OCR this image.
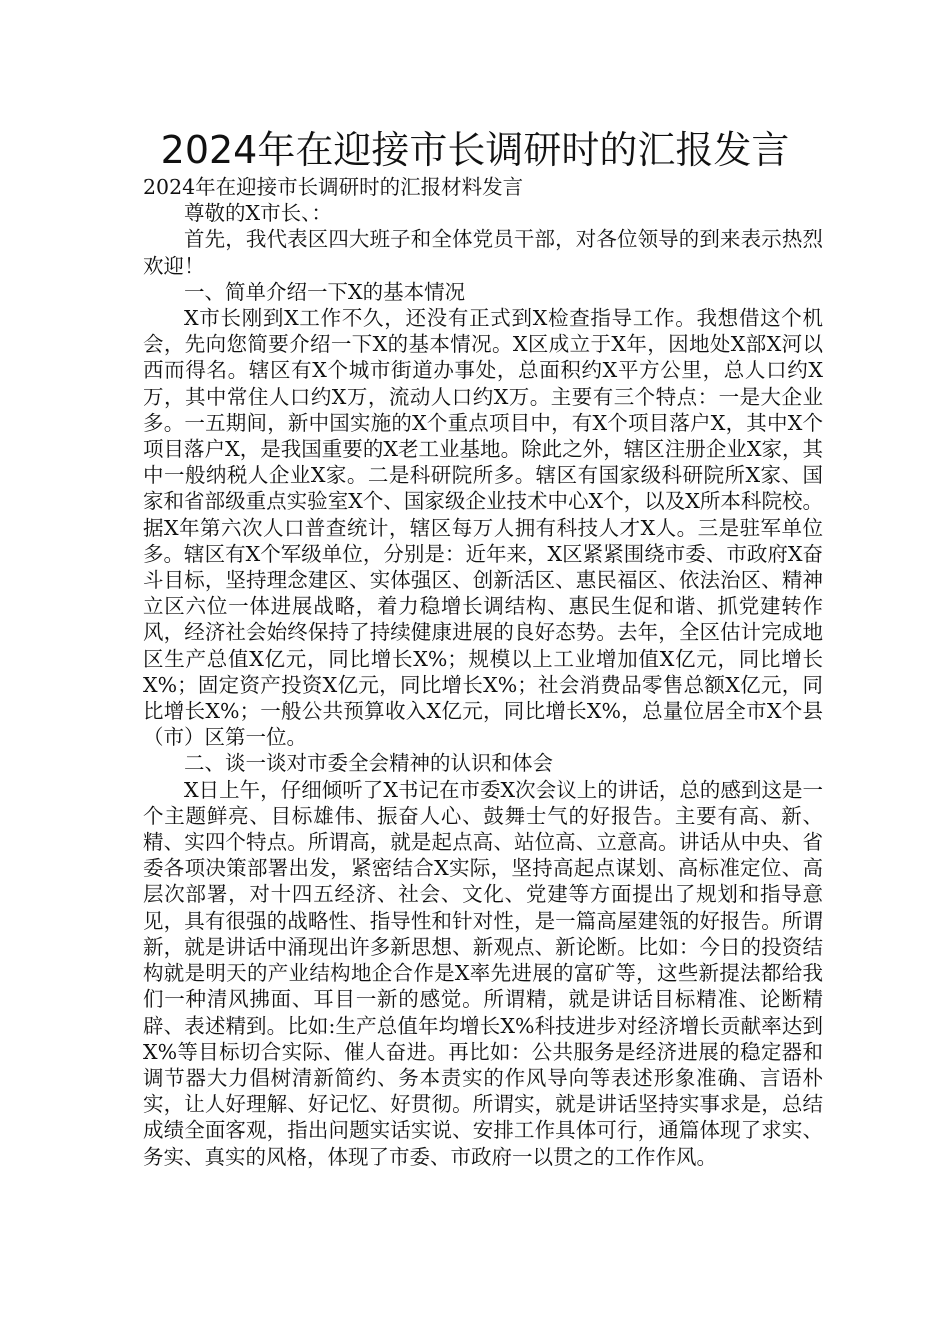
2024年在迎接市长调研时的汇报发言

2024年在迎接市长调研时的汇报材料发言

尊敬的X市长、：

首先，我代表区四大班子和全体党员干部，对各位领导的到来表示热烈欢迎！

一、简单介绍一下X的基本情况

X市长刚到X工作不久，还没有正式到X检查指导工作。我想借这个机会，先向您简要介绍一下X的基本情况。X区成立于X年，因地处X部X河以西而得名。辖区有X个城市街道办事处，总面积约X平方公里，总人口约X万，其中常住人口约X万，流动人口约X万。主要有三个特点：一是大企业多。一五期间，新中国实施的X个重点项目中，有X个项目落户X，其中X个项目落户X，是我国重要的X老工业基地。除此之外，辖区注册企业X家，其中一般纳税人企业X家。二是科研院所多。辖区有国家级科研院所X家、国家和省部级重点实验室X个、国家级企业技术中心X个，以及X所本科院校。据X年第六次人口普查统计，辖区每万人拥有科技人才X人。三是驻军单位多。辖区有X个军级单位，分别是：近年来，X区紧紧围绕市委、市政府X奋斗目标，坚持理念建区、实体强区、创新活区、惠民福区、依法治区、精神立区六位一体进展战略，着力稳增长调结构、惠民生促和谐、抓党建转作风，经济社会始终保持了持续健康进展的良好态势。去年，全区估计完成地区生产总值X亿元，同比增长X%；规模以上工业增加值X亿元，同比增长X%；固定资产投资X亿元，同比增长X%；社会消费品零售总额X亿元，同比增长X%；一般公共预算收入X亿元，同比增长X%，总量位居全市X个县（市）区第一位。

二、谈一谈对市委全会精神的认识和体会

X日上午，仔细倾听了X书记在市委X次会议上的讲话，总的感到这是一个主题鲜亮、目标雄伟、振奋人心、鼓舞士气的好报告。主要有高、新、精、实四个特点。所谓高，就是起点高、站位高、立意高。讲话从中央、省委各项决策部署出发，紧密结合X实际，坚持高起点谋划、高标准定位、高层次部署，对十四五经济、社会、文化、党建等方面提出了规划和指导意见，具有很强的战略性、指导性和针对性，是一篇高屋建瓴的好报告。所谓新，就是讲话中涌现出许多新思想、新观点、新论断。比如：今日的投资结构就是明天的产业结构地企合作是X率先进展的富矿等，这些新提法都给我们一种清风拂面、耳目一新的感觉。所谓精，就是讲话目标精准、论断精辟、表述精到。比如:生产总值年均增长X%科技进步对经济增长贡献率达到X%等目标切合实际、催人奋进。再比如：公共服务是经济进展的稳定器和调节器大力倡树清新简约、务本责实的作风导向等表述形象准确、言语朴实，让人好理解、好记忆、好贯彻。所谓实，就是讲话坚持实事求是，总结成绩全面客观，指出问题实话实说、安排工作具体可行，通篇体现了求实、务实、真实的风格，体现了市委、市政府一以贯之的工作作风。
